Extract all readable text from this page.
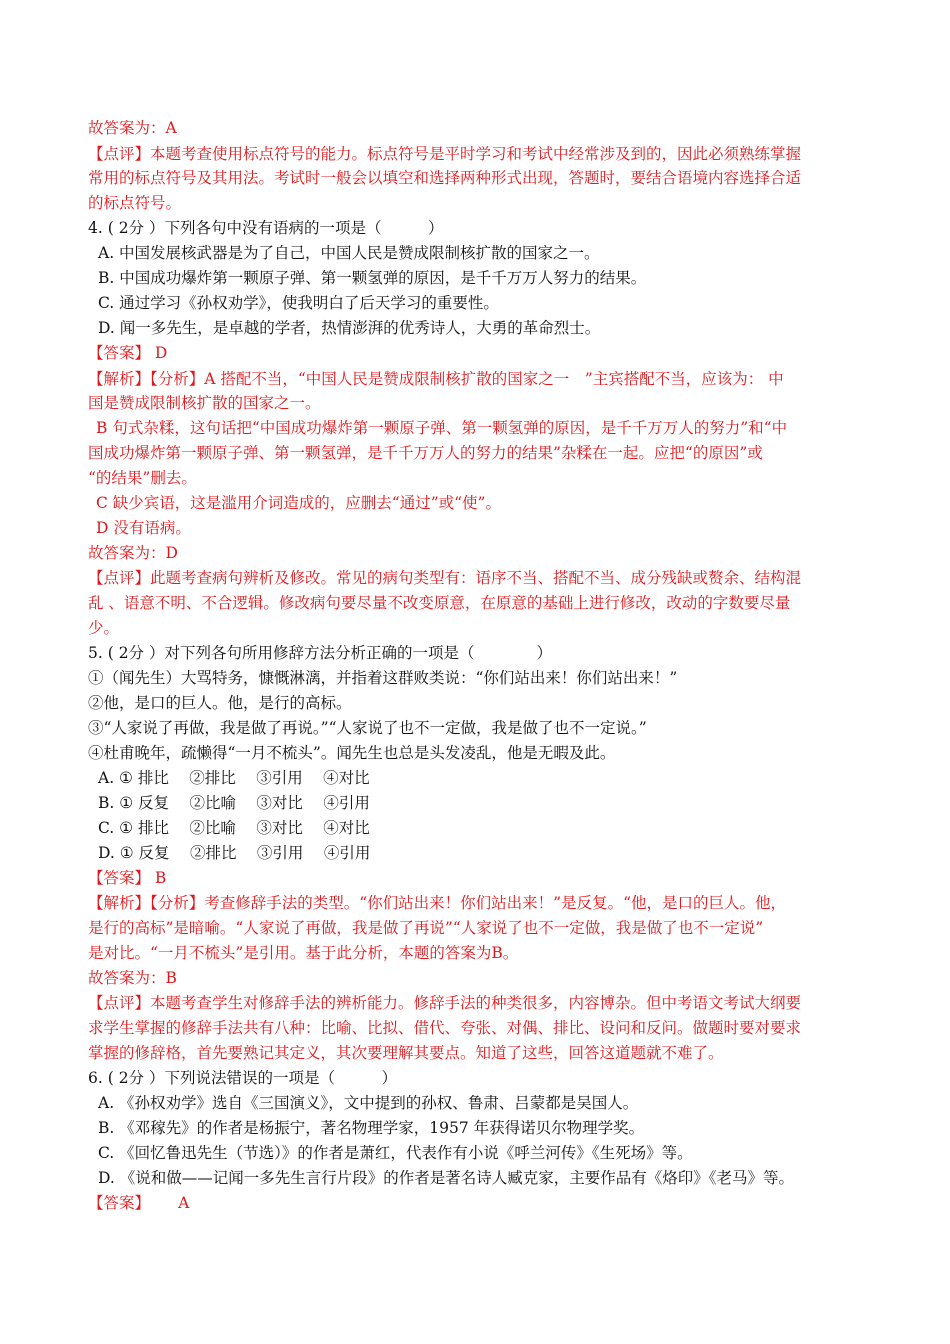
故答案为：A
【点评】本题考查使用标点符号的能力。标点符号是平时学习和考试中经常涉及到的，因此必须熟练掌握
常用的标点符号及其用法。考试时一般会以填空和选择两种形式出现，答题时，要结合语境内容选择合适
的标点符号。
4. ( 2分 ）下列各句中没有语病的一项是（　　　）
A. 中国发展核武器是为了自己，中国人民是赞成限制核扩散的国家之一。
B. 中国成功爆炸第一颗原子弹、第一颗氢弹的原因，是千千万万人努力的结果。
C. 通过学习《孙权劝学》，使我明白了后天学习的重要性。
D. 闻一多先生，是卓越的学者，热情澎湃的优秀诗人，大勇的革命烈士。
【答案】 D
【解析】【分析】A 搭配不当，“中国人民是赞成限制核扩散的国家之一　”主宾搭配不当，应该为： 中
国是赞成限制核扩散的国家之一。
B 句式杂糅，这句话把“中国成功爆炸第一颗原子弹、第一颗氢弹的原因，是千千万万人的努力”和“中
国成功爆炸第一颗原子弹、第一颗氢弹，是千千万万人的努力的结果”杂糅在一起。应把“的原因”或
“的结果”删去。
C 缺少宾语，这是滥用介词造成的，应删去“通过”或“使”。
D 没有语病。
故答案为：D
【点评】此题考查病句辨析及修改。常见的病句类型有：语序不当、搭配不当、成分残缺或赘余、结构混
乱 、语意不明、不合逻辑。修改病句要尽量不改变原意，在原意的基础上进行修改，改动的字数要尽量
少。
5. ( 2分 ）对下列各句所用修辞方法分析正确的一项是（　　　　）
①（闻先生）大骂特务，慷慨淋漓，并指着这群败类说：“你们站出来！你们站出来！”
②他，是口的巨人。他，是行的高标。
③“人家说了再做，我是做了再说。”“人家说了也不一定做，我是做了也不一定说。”
④杜甫晚年，疏懒得“一月不梳头”。闻先生也总是头发凌乱，他是无暇及此。
A. ① 排比　 ②排比　 ③引用　 ④对比
B. ① 反复　 ②比喻　 ③对比　 ④引用
C. ① 排比　 ②比喻　 ③对比　 ④对比
D. ① 反复　 ②排比　 ③引用　 ④引用
【答案】 B
【解析】【分析】考查修辞手法的类型。“你们站出来！你们站出来！”是反复。“他，是口的巨人。他，
是行的高标”是暗喻。“人家说了再做，我是做了再说”“人家说了也不一定做，我是做了也不一定说”
是对比。“一月不梳头”是引用。基于此分析，本题的答案为B。
故答案为：B
【点评】本题考查学生对修辞手法的辨析能力。修辞手法的种类很多，内容博杂。但中考语文考试大纲要
求学生掌握的修辞手法共有八种：比喻、比拟、借代、夸张、对偶、排比、设问和反问。做题时要对要求
掌握的修辞格，首先要熟记其定义，其次要理解其要点。知道了这些，回答这道题就不难了。
6. ( 2分 ）下列说法错误的一项是（　　　）
A. 《孙权劝学》选自《三国演义》，文中提到的孙权、鲁肃、吕蒙都是吴国人。
B. 《邓稼先》的作者是杨振宁，著名物理学家，1957 年获得诺贝尔物理学奖。
C. 《回忆鲁迅先生（节选）》的作者是萧红，代表作有小说《呼兰河传》《生死场》等。
D. 《说和做——记闻一多先生言行片段》的作者是著名诗人臧克家，主要作品有《烙印》《老马》等。
【答案】　　 A
